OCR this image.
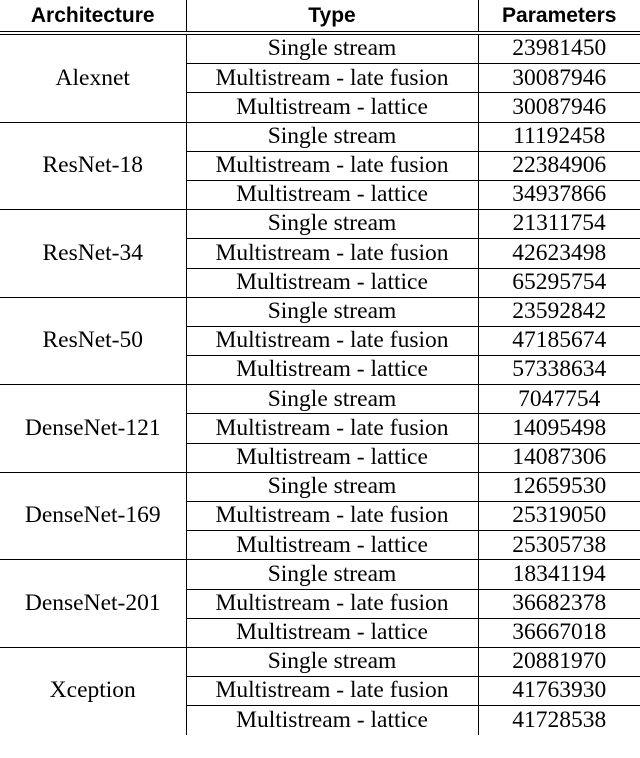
Architecture	Type	Parameters
Alexnet	Single stream	23981450
	Multistream - late fusion	30087946
	Multistream - lattice	30087946
ResNet-18	Single stream	11192458
	Multistream - late fusion	22384906
	Multistream - lattice	34937866
ResNet-34	Single stream	21311754
	Multistream - late fusion	42623498
	Multistream - lattice	65295754
ResNet-50	Single stream	23592842
	Multistream - late fusion	47185674
	Multistream - lattice	57338634
DenseNet-121	Single stream	7047754
	Multistream - late fusion	14095498
	Multistream - lattice	14087306
DenseNet-169	Single stream	12659530
	Multistream - late fusion	25319050
	Multistream - lattice	25305738
DenseNet-201	Single stream	18341194
	Multistream - late fusion	36682378
	Multistream - lattice	36667018
Xception	Single stream	20881970
	Multistream - late fusion	41763930
	Multistream - lattice	41728538
